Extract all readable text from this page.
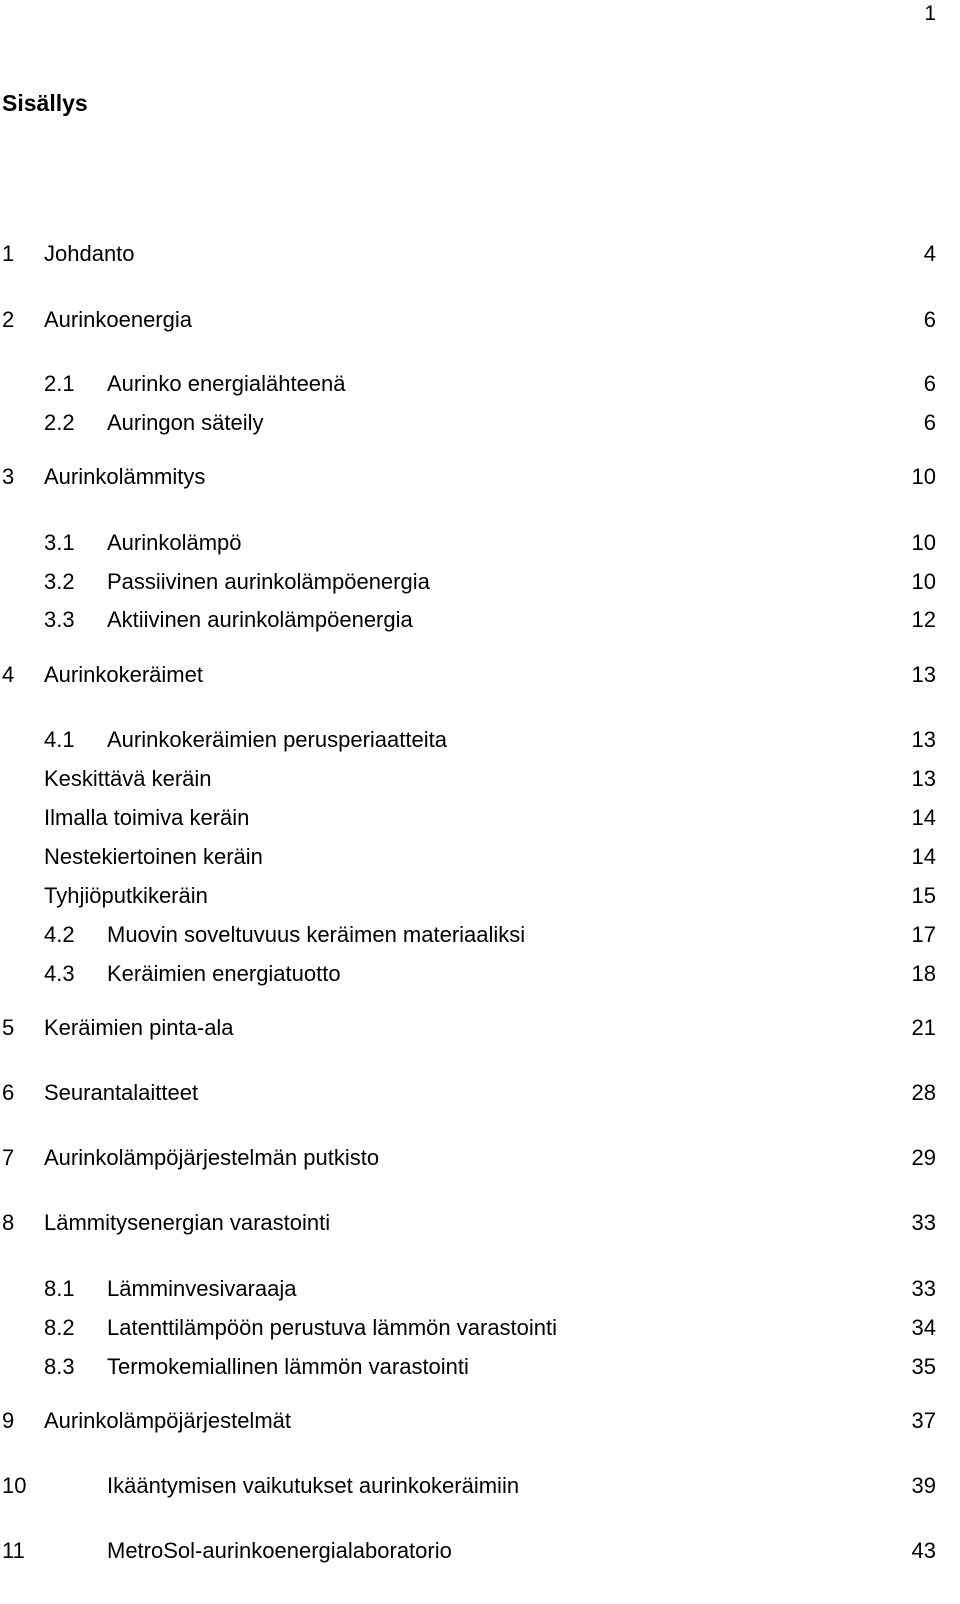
1
Sisällys
1 Johdanto	4
2 Aurinkoenergia	6
2.1 Aurinko energialähteenä	6
2.2 Auringon säteily	6
3 Aurinkolämmitys	10
3.1 Aurinkolämpö	10
3.2 Passiivinen aurinkolämpöenergia	10
3.3 Aktiivinen aurinkolämpöenergia	12
4 Aurinkokeräimet	13
4.1 Aurinkokeräimien perusperiaatteita	13
Keskittävä keräin	13
Ilmalla toimiva keräin	14
Nestekiertoinen keräin	14
Tyhjiöputkikeräin	15
4.2 Muovin soveltuvuus keräimen materiaaliksi	17
4.3 Keräimien energiatuotto	18
5 Keräimien pinta-ala	21
6 Seurantalaitteet	28
7 Aurinkolämpöjärjestelmän putkisto	29
8 Lämmitysenergian varastointi	33
8.1 Lämminvesivaraaja	33
8.2 Latenttilämpöön perustuva lämmön varastointi	34
8.3 Termokemiallinen lämmön varastointi	35
9 Aurinkolämpöjärjestelmät	37
10	Ikääntymisen vaikutukset aurinkokeräimiin	39
11	MetroSol-aurinkoenergialaboratorio	43
